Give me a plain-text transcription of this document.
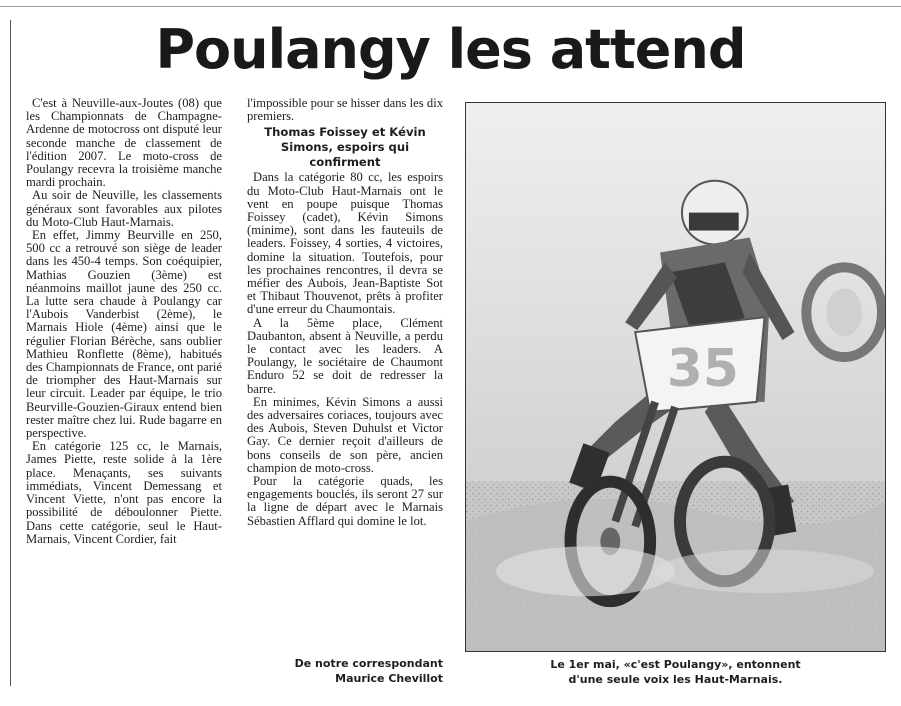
Poulangy les attend

C'est à Neuville-aux-Joutes (08) que les Championnats de Champagne-Ardenne de motocross ont disputé leur seconde manche de classement de l'édition 2007. Le moto-cross de Poulangy recevra la troisième manche mardi prochain.

Au soir de Neuville, les classements généraux sont favorables aux pilotes du Moto-Club Haut-Marnais.

En effet, Jimmy Beurville en 250, 500 cc a retrouvé son siège de leader dans les 450-4 temps. Son coéquipier, Mathias Gouzien (3ème) est néanmoins maillot jaune des 250 cc. La lutte sera chaude à Poulangy car l'Aubois Vanderbist (2ème), le Marnais Hiole (4ème) ainsi que le régulier Florian Bérèche, sans oublier Mathieu Ronflette (8ème), habitués des Championnats de France, ont parié de triompher des Haut-Marnais sur leur circuit. Leader par équipe, le trio Beurville-Gouzien-Giraux entend bien rester maître chez lui. Rude bagarre en perspective.

En catégorie 125 cc, le Marnais, James Piette, reste solide à la 1ère place. Menaçants, ses suivants immédiats, Vincent Demessang et Vincent Viette, n'ont pas encore la possibilité de déboulonner Piette. Dans cette catégorie, seul le Haut-Marnais, Vincent Cordier, fait

l'impossible pour se hisser dans les dix premiers.

Thomas Foissey et Kévin Simons, espoirs qui confirment

Dans la catégorie 80 cc, les espoirs du Moto-Club Haut-Marnais ont le vent en poupe puisque Thomas Foissey (cadet), Kévin Simons (minime), sont dans les fauteuils de leaders. Foissey, 4 sorties, 4 victoires, domine la situation. Toutefois, pour les prochaines rencontres, il devra se méfier des Aubois, Jean-Baptiste Sot et Thibaut Thouvenot, prêts à profiter d'une erreur du Chaumontais.

A la 5ème place, Clément Daubanton, absent à Neuville, a perdu le contact avec les leaders. A Poulangy, le sociétaire de Chaumont Enduro 52 se doit de redresser la barre.

En minimes, Kévin Simons a aussi des adversaires coriaces, toujours avec des Aubois, Steven Duhulst et Victor Gay. Ce dernier reçoit d'ailleurs de bons conseils de son père, ancien champion de moto-cross.

Pour la catégorie quads, les engagements bouclés, ils seront 27 sur la ligne de départ avec le Marnais Sébastien Afflard qui domine le lot.

De notre correspondant
Maurice Chevillot
35
Le 1er mai, «c'est Poulangy», entonnent
d'une seule voix les Haut-Marnais.
